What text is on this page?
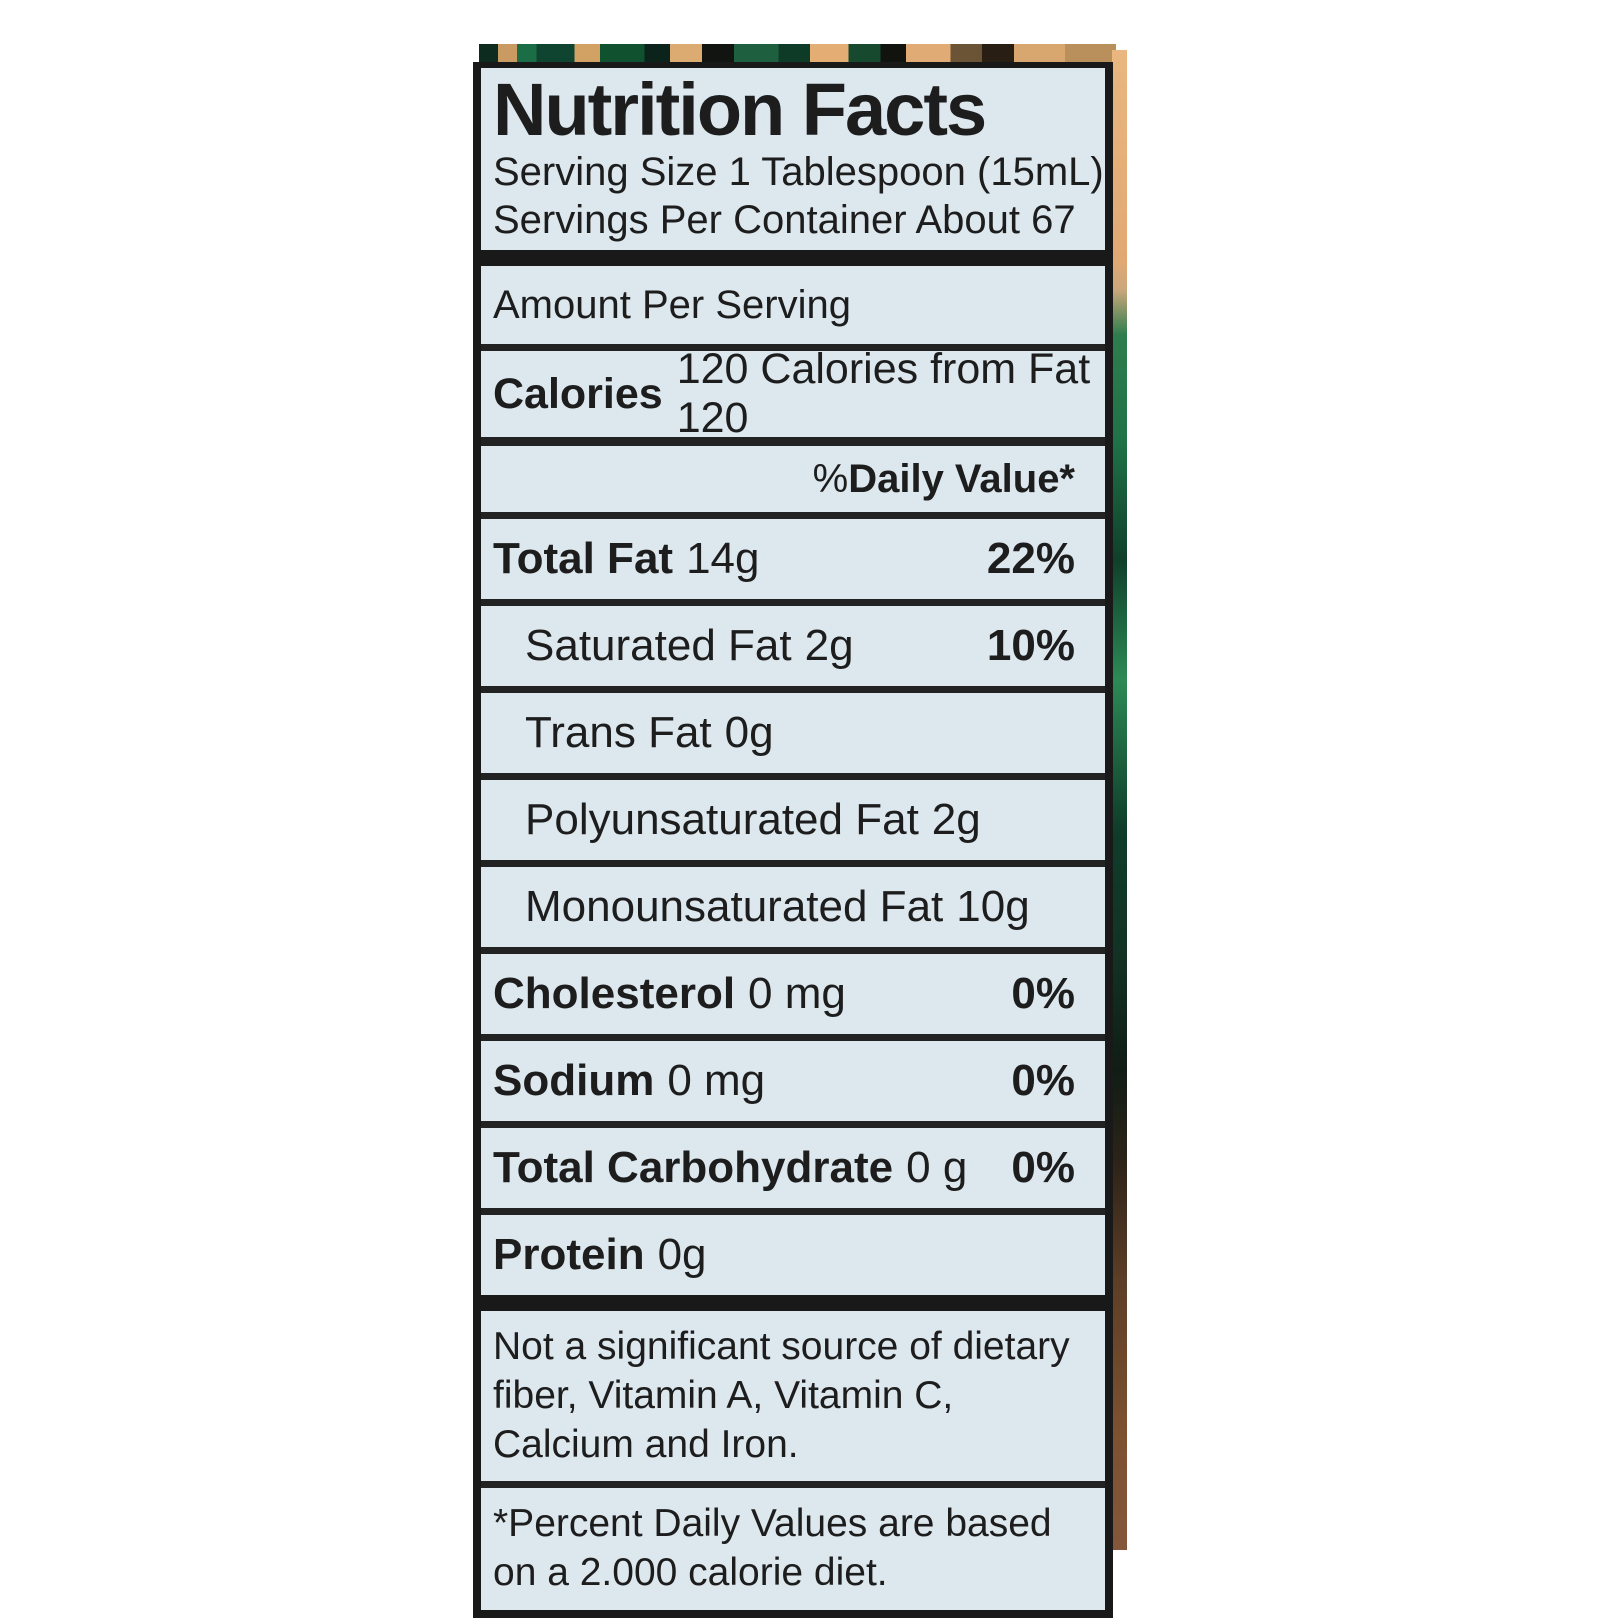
Nutrition Facts
Serving Size 1 Tablespoon (15mL)
Servings Per Container About 67
Amount Per Serving
Calories
120 Calories from Fat 120
% Daily Value*
Total Fat 14g	22%
Saturated Fat 2g	10%
Trans Fat 0g
Polyunsaturated Fat 2g
Monounsaturated Fat 10g
Cholesterol 0 mg	0%
Sodium 0 mg	0%
Total Carbohydrate 0 g 0%
Protein 0g
Not a significant source of dietary fiber, Vitamin A, Vitamin C, Calcium and Iron.
*Percent Daily Values are based on a 2.000 calorie diet.
